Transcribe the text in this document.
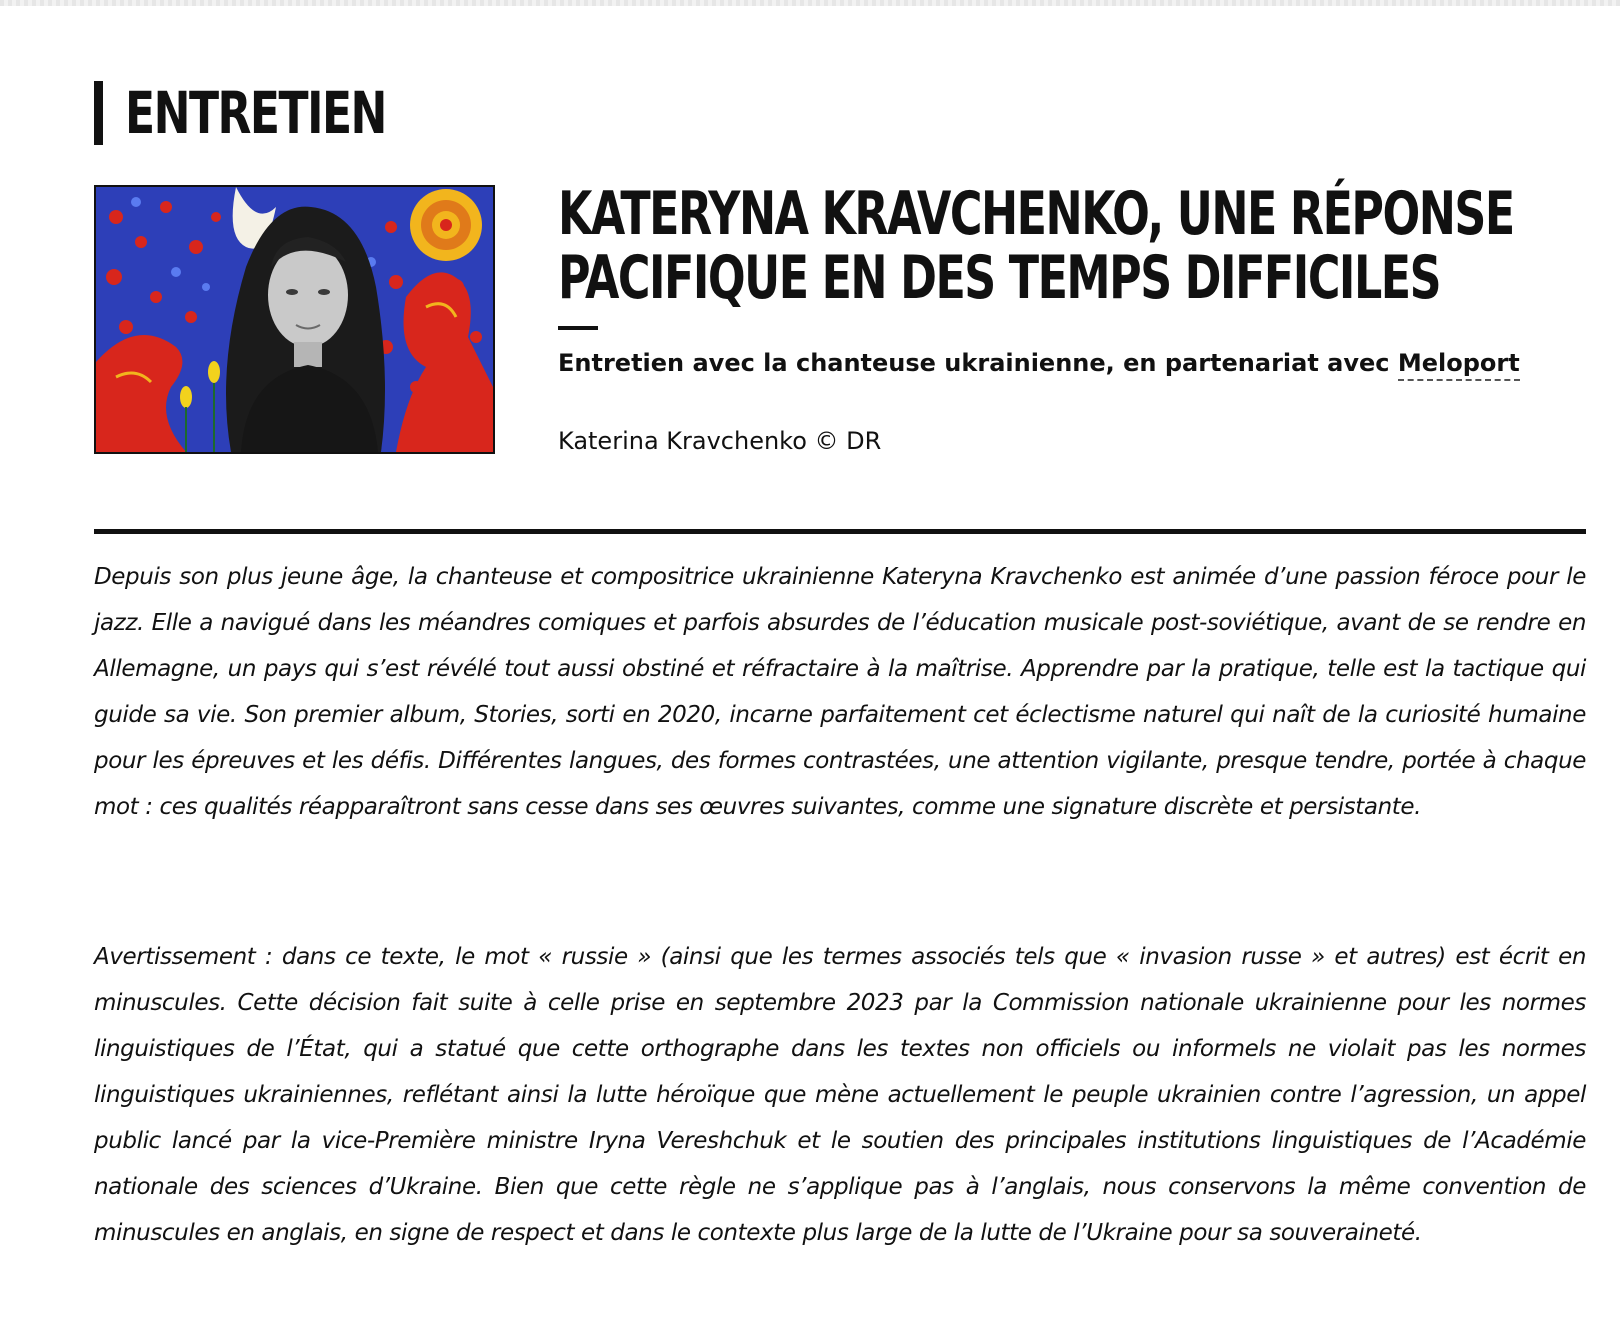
ENTRETIEN
KATERYNA KRAVCHENKO, UNE RÉPONSE
PACIFIQUE EN DES TEMPS DIFFICILES
Entretien avec la chanteuse ukrainienne, en partenariat avec Meloport
Katerina Kravchenko © DR

Depuis son plus jeune âge, la chanteuse et compositrice ukrainienne Kateryna Kravchenko est animée d’une passion féroce pour le jazz. Elle a navigué dans les méandres comiques et parfois absurdes de l’éducation musicale post-soviétique, avant de se rendre en Allemagne, un pays qui s’est révélé tout aussi obstiné et réfractaire à la maîtrise. Apprendre par la pratique, telle est la tactique qui guide sa vie. Son premier album, Stories, sorti en 2020, incarne parfaitement cet éclectisme naturel qui naît de la curiosité humaine pour les épreuves et les défis. Différentes langues, des formes contrastées, une attention vigilante, presque tendre, portée à chaque mot : ces qualités réapparaîtront sans cesse dans ses œuvres suivantes, comme une signature discrète et persistante.

Avertissement : dans ce texte, le mot « russie » (ainsi que les termes associés tels que « invasion russe » et autres) est écrit en minuscules. Cette décision fait suite à celle prise en septembre 2023 par la Commission nationale ukrainienne pour les normes linguistiques de l’État, qui a statué que cette orthographe dans les textes non officiels ou informels ne violait pas les normes linguistiques ukrainiennes, reflétant ainsi la lutte héroïque que mène actuellement le peuple ukrainien contre l’agression, un appel public lancé par la vice-Première ministre Iryna Vereshchuk et le soutien des principales institutions linguistiques de l’Académie nationale des sciences d’Ukraine. Bien que cette règle ne s’applique pas à l’anglais, nous conservons la même convention de minuscules en anglais, en signe de respect et dans le contexte plus large de la lutte de l’Ukraine pour sa souveraineté.
